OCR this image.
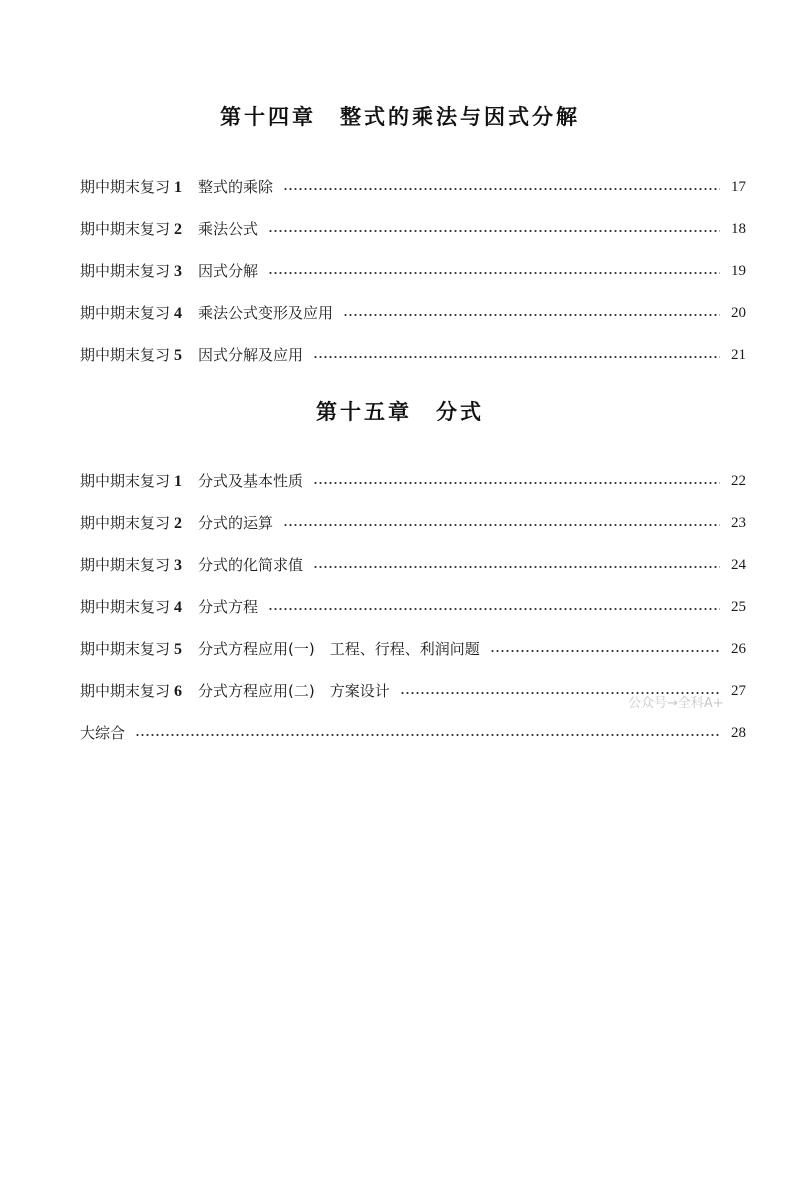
第十四章　整式的乘法与因式分解
期中期末复习 1 整式的乘除	17
期中期末复习 2 乘法公式	18
期中期末复习 3 因式分解	19
期中期末复习 4 乘法公式变形及应用	20
期中期末复习 5 因式分解及应用	21
第十五章　分式
期中期末复习 1 分式及基本性质	22
期中期末复习 2 分式的运算	23
期中期末复习 3 分式的化简求值	24
期中期末复习 4 分式方程	25
期中期末复习 5 分式方程应用(一)　工程、行程、利润问题	26
期中期末复习 6 分式方程应用(二)　方案设计	27
大综合	28
公众号→全科A+
